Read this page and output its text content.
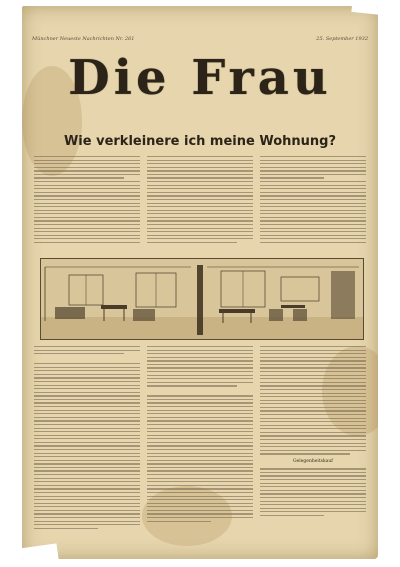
Münchner Neueste Nachrichten Nr. 261	25. September 1932
Die Frau
Wie verkleinere ich meine Wohnung?
Gelegenheitskauf
